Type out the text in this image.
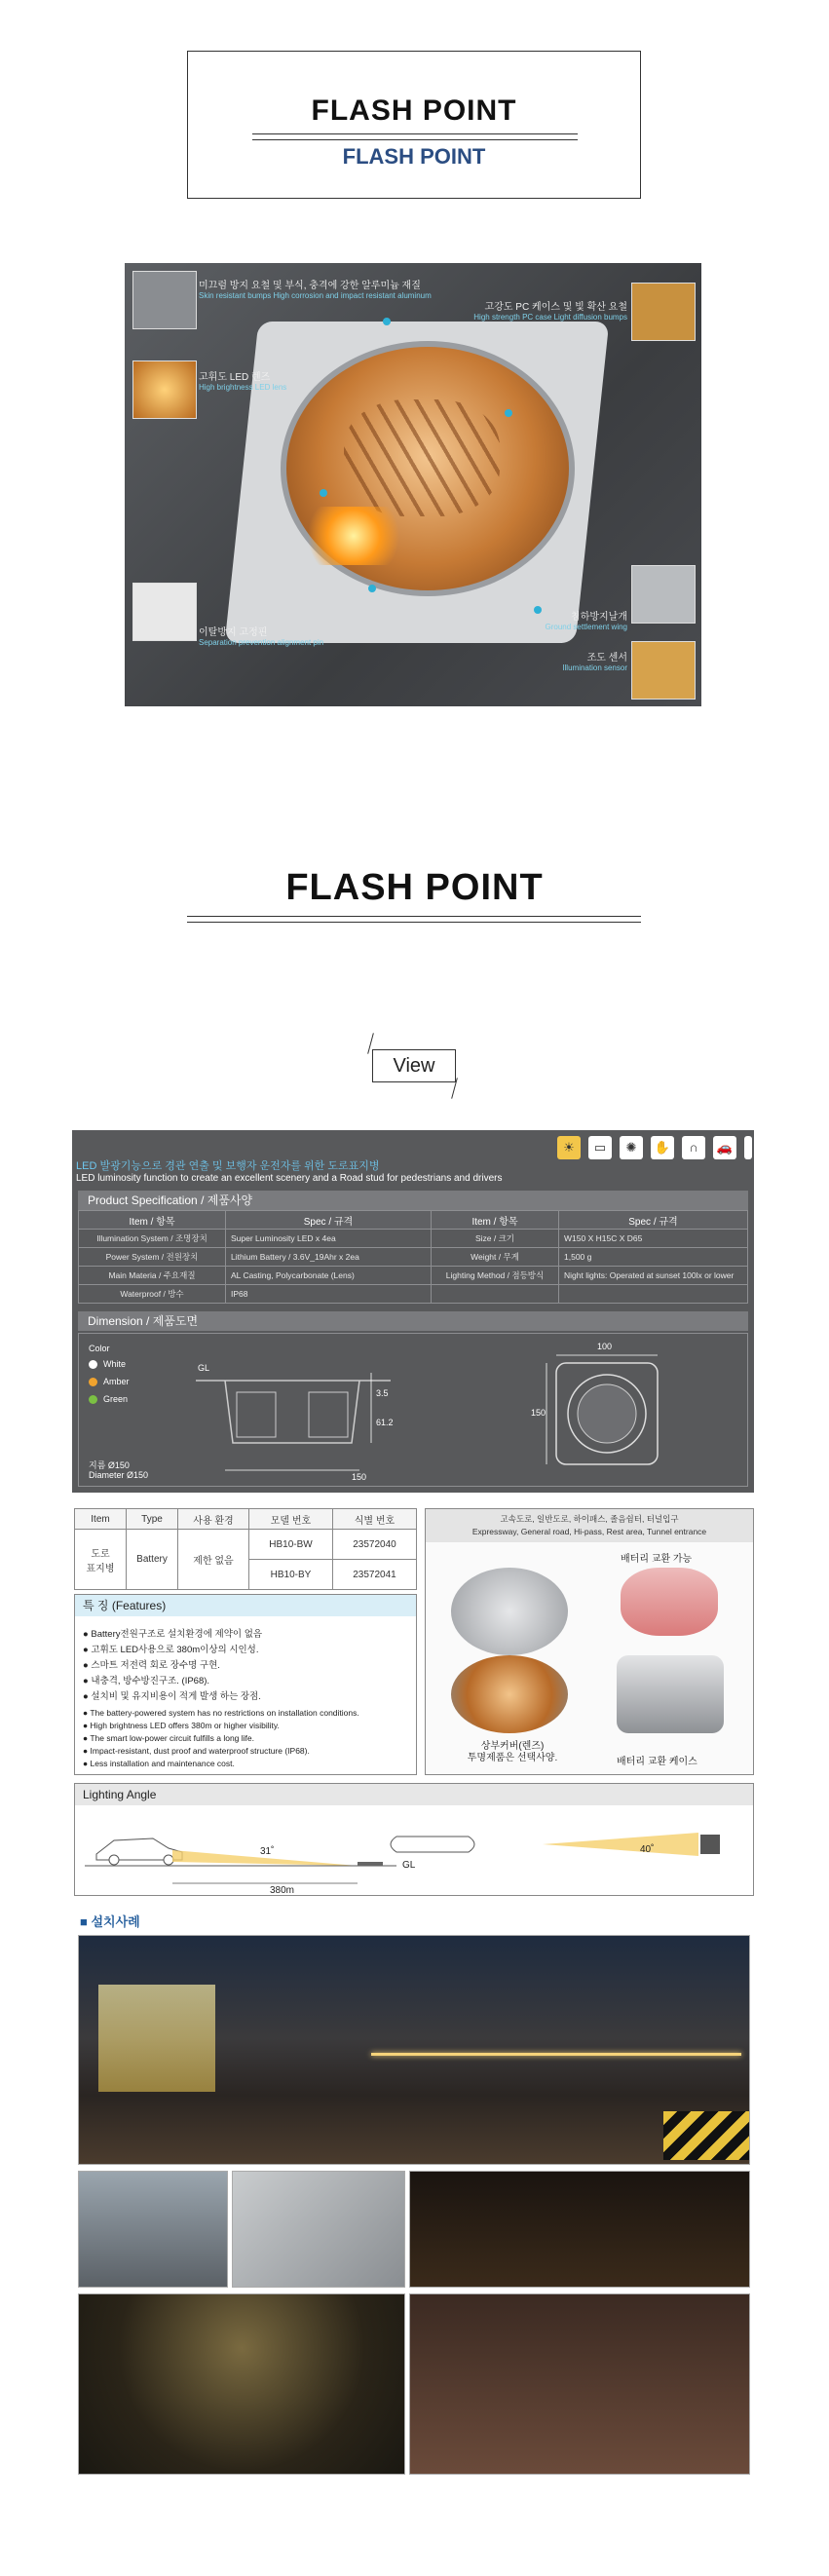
FLASH POINT
FLASH POINT
미끄럼 방지 요철 및 부식, 충격에 강한 알루미늄 재질
Skin resistant bumps High corrosion and impact resistant aluminum
고휘도 LED 렌즈
High brightness LED lens
고강도 PC 케이스 및 빛 확산 요철
High strength PC case Light diffusion bumps
이탈방지 고정핀
Separation prevention alignment pin
침하방지날개
Ground settlement wing
조도 센서
Illumination sensor
FLASH POINT
View
LED 발광기능으로 경관 연출 및 보행자 운전자를 위한 도로표지병
LED luminosity function to create an excellent scenery and a Road stud for pedestrians and drivers
☀	▭	✺	✋	∩	🚗
Product Specification / 제품사양
Item / 항목	Spec / 규격	Item / 항목	Spec / 규격
Illumination System / 조명장치	Super Luminosity LED x 4ea	Size / 크기	W150 X H15C X D65
Power System / 전원장치	Lithium Battery / 3.6V_19Ahr x 2ea	Weight / 무게	1,500 g
Main Materia / 주요재질	AL Casting, Polycarbonate (Lens)	Lighting Method / 점등방식	Night lights: Operated at sunset 100lx or lower
Waterproof / 방수	IP68		
Dimension / 제품도면
Color
White
Amber
Green
지름 Ø150
Diameter Ø150
GL
150
3.5
61.2
100
150
Item	Type	사용 환경	모델 번호	식별 번호
도로
표지병	Battery	제한 없음	HB10-BW	23572040
			HB10-BY	23572041
특 징 (Features)
● Battery전원구조로 설치환경에 제약이 없음
● 고휘도 LED사용으로 380m이상의 시인성.
● 스마트 저전력 회로 장수명 구현.
● 내충격, 방수방진구조. (IP68).
● 설치비 및 유지비용이 적게 발생 하는 장점.
● The battery-powered system has no restrictions on installation conditions.
● High brightness LED offers 380m or higher visibility.
● The smart low-power circuit fulfills a long life.
● Impact-resistant, dust proof and waterproof structure (IP68).
● Less installation and maintenance cost.
고속도로, 일반도로, 하이패스, 졸음쉼터, 터널입구
Expressway, General road, Hi-pass, Rest area, Tunnel entrance
배터리 교환 가능
상부커버(렌즈)
투명제품은 선택사양.	배터리 교환 케이스
Lighting Angle
31˚
380m
GL
40˚
■ 설치사례
